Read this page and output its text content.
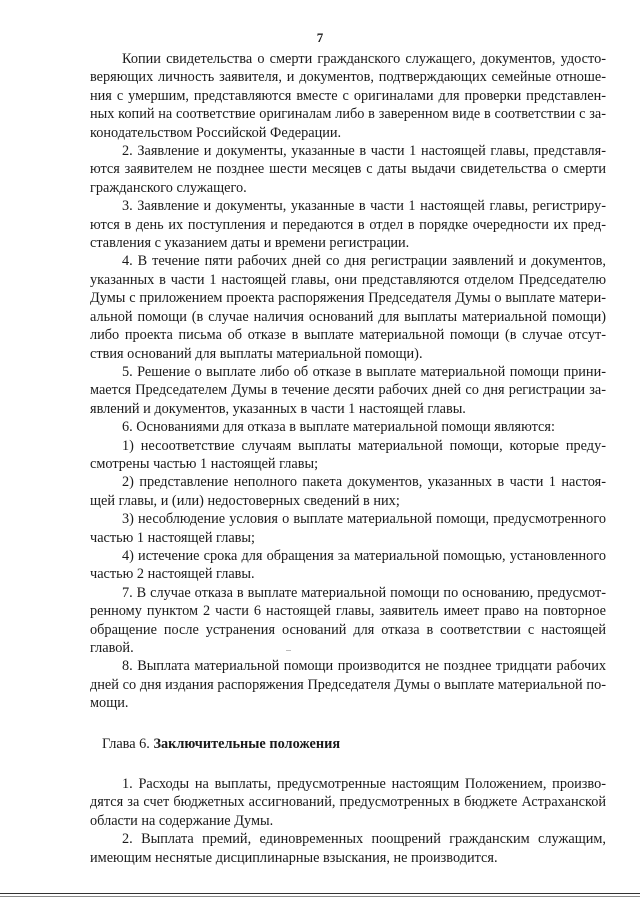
7

Копии свидетельства о смерти гражданского служащего, документов, удостоверяющих личность заявителя, и документов, подтверждающих семейные отношения с умершим, представляются вместе с оригиналами для проверки представленных копий на соответствие оригиналам либо в заверенном виде в соответствии с законодательством Российской Федерации.

2. Заявление и документы, указанные в части 1 настоящей главы, представляются заявителем не позднее шести месяцев с даты выдачи свидетельства о смерти гражданского служащего.

3. Заявление и документы, указанные в части 1 настоящей главы, регистрируются в день их поступления и передаются в отдел в порядке очередности их представления с указанием даты и времени регистрации.

4. В течение пяти рабочих дней со дня регистрации заявлений и документов, указанных в части 1 настоящей главы, они представляются отделом Председателю Думы с приложением проекта распоряжения Председателя Думы о выплате материальной помощи (в случае наличия оснований для выплаты материальной помощи) либо проекта письма об отказе в выплате материальной помощи (в случае отсутствия оснований для выплаты материальной помощи).

5. Решение о выплате либо об отказе в выплате материальной помощи принимается Председателем Думы в течение десяти рабочих дней со дня регистрации заявлений и документов, указанных в части 1 настоящей главы.

6. Основаниями для отказа в выплате материальной помощи являются:

1) несоответствие случаям выплаты материальной помощи, которые предусмотрены частью 1 настоящей главы;

2) представление неполного пакета документов, указанных в части 1 настоящей главы, и (или) недостоверных сведений в них;

3) несоблюдение условия о выплате материальной помощи, предусмотренного частью 1 настоящей главы;

4) истечение срока для обращения за материальной помощью, установленного частью 2 настоящей главы.

7. В случае отказа в выплате материальной помощи по основанию, предусмотренному пунктом 2 части 6 настоящей главы, заявитель имеет право на повторное обращение после устранения оснований для отказа в соответствии с настоящей главой.

8. Выплата материальной помощи производится не позднее тридцати рабочих дней со дня издания распоряжения Председателя Думы о выплате материальной помощи.

Глава 6. Заключительные положения

1. Расходы на выплаты, предусмотренные настоящим Положением, производятся за счет бюджетных ассигнований, предусмотренных в бюджете Астраханской области на содержание Думы.

2. Выплата премий, единовременных поощрений гражданским служащим, имеющим неснятые дисциплинарные взыскания, не производится.
